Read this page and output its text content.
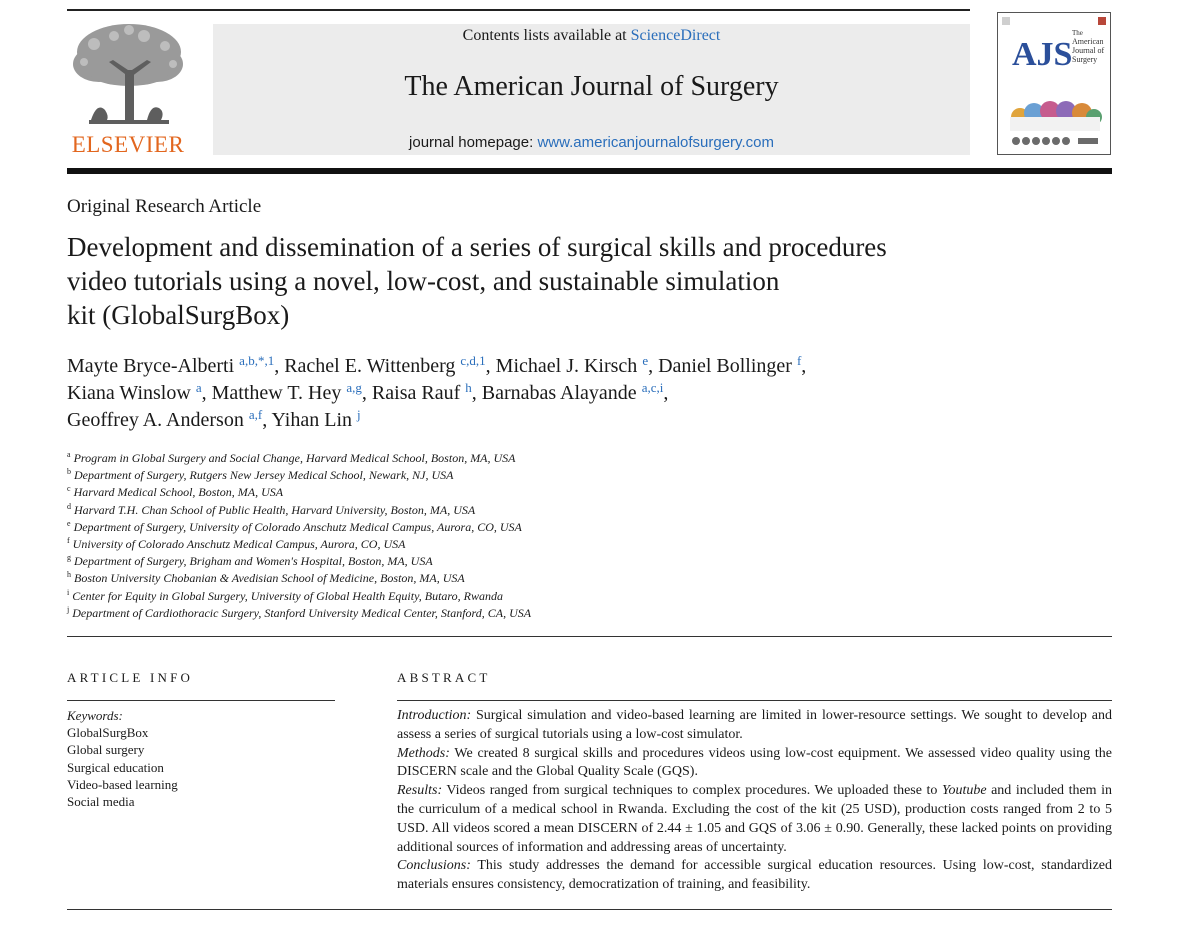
ELSEVIER
Contents lists available at ScienceDirect
The American Journal of Surgery
journal homepage: www.americanjournalofsurgery.com
AJS
The
American
Journal of
Surgery
Original Research Article
Development and dissemination of a series of surgical skills and procedures
video tutorials using a novel, low-cost, and sustainable simulation
kit (GlobalSurgBox)
Mayte Bryce-Alberti $^{a,b,*,1}$, Rachel E. Wittenberg $^{c,d,1}$, Michael J. Kirsch $^e$, Daniel Bollinger $^f$,
Kiana Winslow $^a$, Matthew T. Hey $^{a,g}$, Raisa Rauf $^h$, Barnabas Alayande $^{a,c,i}$,
Geoffrey A. Anderson $^{a,f}$, Yihan Lin $^j$
$^a$ Program in Global Surgery and Social Change, Harvard Medical School, Boston, MA, USA
$^b$ Department of Surgery, Rutgers New Jersey Medical School, Newark, NJ, USA
$^c$ Harvard Medical School, Boston, MA, USA
$^d$ Harvard T.H. Chan School of Public Health, Harvard University, Boston, MA, USA
$^e$ Department of Surgery, University of Colorado Anschutz Medical Campus, Aurora, CO, USA
$^f$ University of Colorado Anschutz Medical Campus, Aurora, CO, USA
$^g$ Department of Surgery, Brigham and Women's Hospital, Boston, MA, USA
$^h$ Boston University Chobanian & Avedisian School of Medicine, Boston, MA, USA
$^i$ Center for Equity in Global Surgery, University of Global Health Equity, Butaro, Rwanda
$^j$ Department of Cardiothoracic Surgery, Stanford University Medical Center, Stanford, CA, USA
ARTICLE INFO	ABSTRACT
Keywords:
GlobalSurgBox
Global surgery
Surgical education
Video-based learning
Social media

Introduction: Surgical simulation and video-based learning are limited in lower-resource settings. We sought to develop and assess a series of surgical tutorials using a low-cost simulator.

Methods: We created 8 surgical skills and procedures videos using low-cost equipment. We assessed video quality using the DISCERN scale and the Global Quality Scale (GQS).

Results: Videos ranged from surgical techniques to complex procedures. We uploaded these to Youtube and included them in the curriculum of a medical school in Rwanda. Excluding the cost of the kit (25 USD), production costs ranged from 2 to 5 USD. All videos scored a mean DISCERN of 2.44 ± 1.05 and GQS of 3.06 ± 0.90. Generally, these lacked points on providing additional sources of information and addressing areas of uncertainty.

Conclusions: This study addresses the demand for accessible surgical education resources. Using low-cost, standardized materials ensures consistency, democratization of training, and feasibility.
